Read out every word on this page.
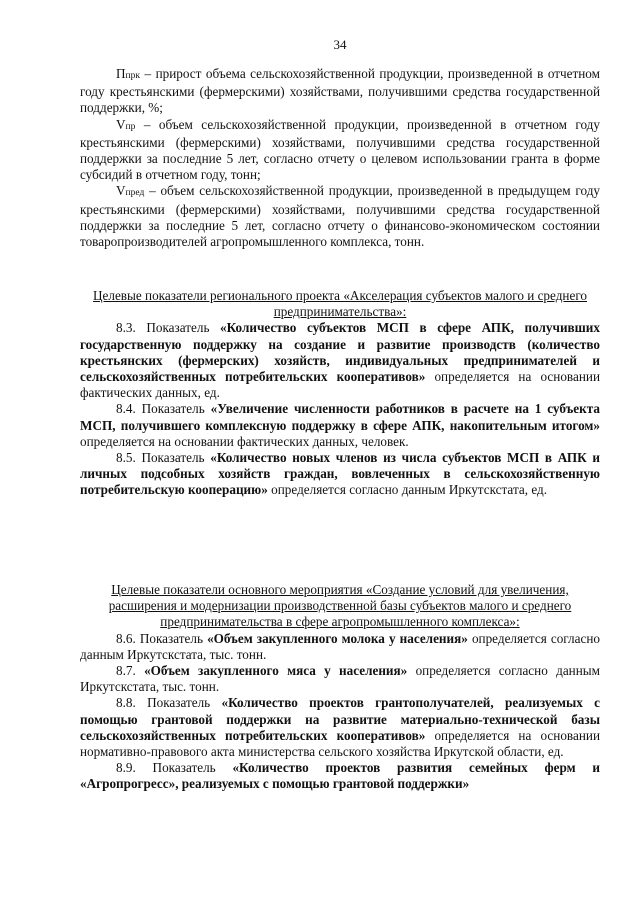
34

Ппрк – прирост объема сельскохозяйственной продукции, произведенной в отчетном году крестьянскими (фермерскими) хозяйствами, получившими средства государственной поддержки, %;

Vпр – объем сельскохозяйственной продукции, произведенной в отчетном году крестьянскими (фермерскими) хозяйствами, получившими средства государственной поддержки за последние 5 лет, согласно отчету о целевом использовании гранта в форме субсидий в отчетном году, тонн;

Vпред – объем сельскохозяйственной продукции, произведенной в предыдущем году крестьянскими (фермерскими) хозяйствами, получившими средства государственной поддержки за последние 5 лет, согласно отчету о финансово-экономическом состоянии товаропроизводителей агропромышленного комплекса, тонн.

Целевые показатели регионального проекта «Акселерация субъектов малого и среднего предпринимательства»:

8.3. Показатель «Количество субъектов МСП в сфере АПК, получивших государственную поддержку на создание и развитие производств (количество крестьянских (фермерских) хозяйств, индивидуальных предпринимателей и сельскохозяйственных потребительских кооперативов» определяется на основании фактических данных, ед.

8.4. Показатель «Увеличение численности работников в расчете на 1 субъекта МСП, получившего комплексную поддержку в сфере АПК, накопительным итогом» определяется на основании фактических данных, человек.

8.5. Показатель «Количество новых членов из числа субъектов МСП в АПК и личных подсобных хозяйств граждан, вовлеченных в сельскохозяйственную потребительскую кооперацию» определяется согласно данным Иркутскстата, ед.

Целевые показатели основного мероприятия «Создание условий для увеличения, расширения и модернизации производственной базы субъектов малого и среднего предпринимательства в сфере агропромышленного комплекса»:

8.6. Показатель «Объем закупленного молока у населения» определяется согласно данным Иркутскстата, тыс. тонн.

8.7. «Объем закупленного мяса у населения» определяется согласно данным Иркутскстата, тыс. тонн.

8.8. Показатель «Количество проектов грантополучателей, реализуемых с помощью грантовой поддержки на развитие материально-технической базы сельскохозяйственных потребительских кооперативов» определяется на основании нормативно-правового акта министерства сельского хозяйства Иркутской области, ед.

8.9. Показатель «Количество проектов развития семейных ферм и «Агропрогресс», реализуемых с помощью грантовой поддержки»
